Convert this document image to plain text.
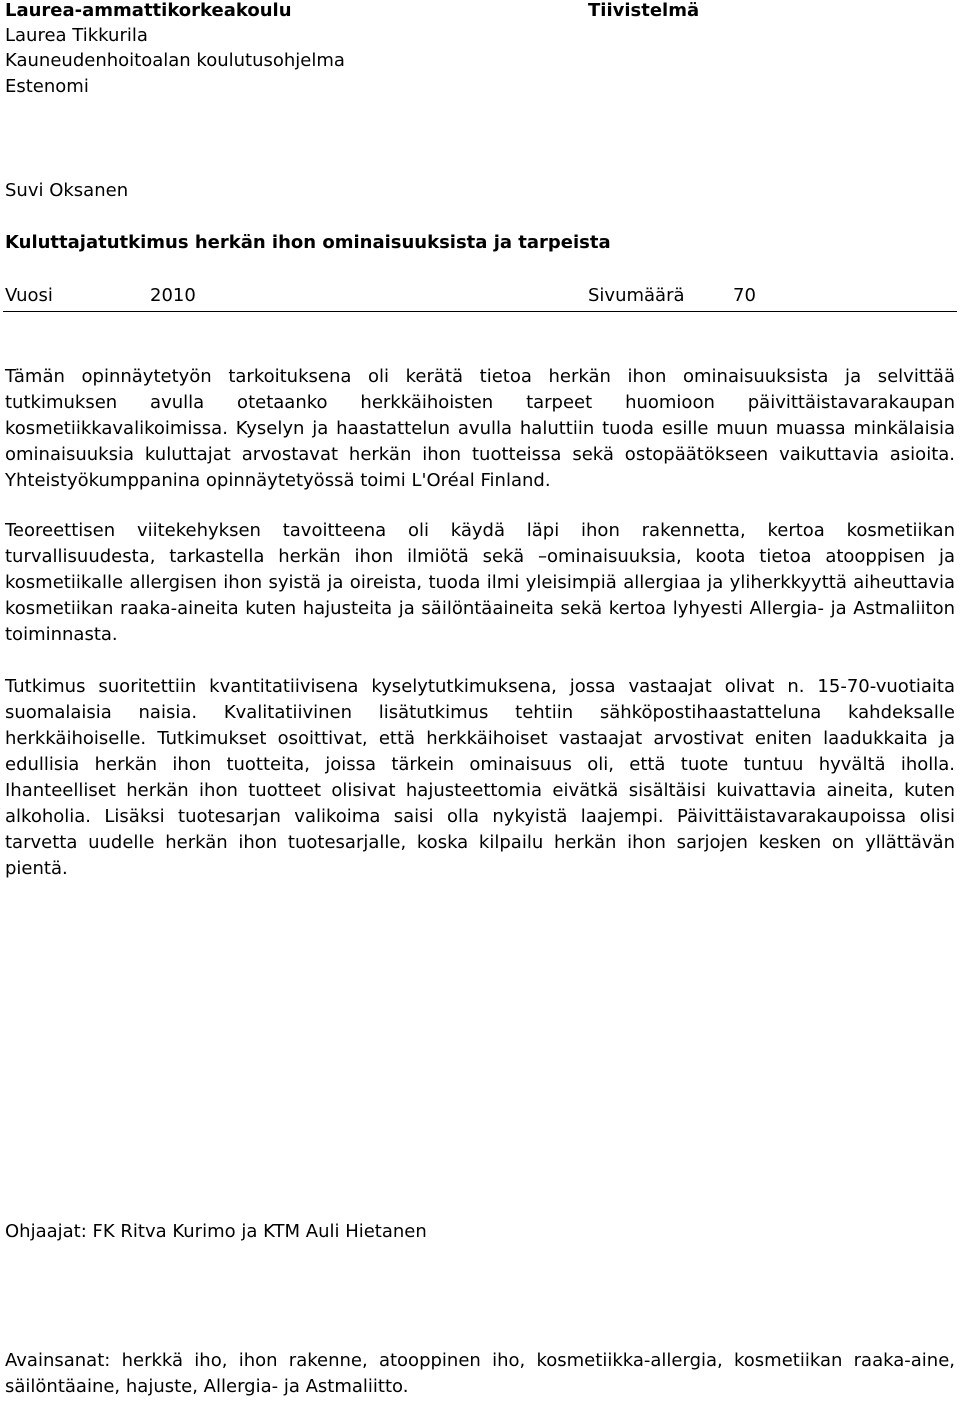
Laurea-ammattikorkeakoulu
Laurea Tikkurila
Kauneudenhoitoalan koulutusohjelma
Estenomi
Tiivistelmä
Suvi Oksanen
Kuluttajatutkimus herkän ihon ominaisuuksista ja tarpeista
Vuosi	2010	Sivumäärä	70
Tämän opinnäytetyön tarkoituksena oli kerätä tietoa herkän ihon ominaisuuksista ja selvittää tutkimuksen avulla otetaanko herkkäihoisten tarpeet huomioon päivittäistavarakaupan kosmetiikkavalikoimissa. Kyselyn ja haastattelun avulla haluttiin tuoda esille muun muassa minkälaisia ominaisuuksia kuluttajat arvostavat herkän ihon tuotteissa sekä ostopäätökseen vaikuttavia asioita. Yhteistyökumppanina opinnäytetyössä toimi L'Oréal Finland.
Teoreettisen viitekehyksen tavoitteena oli käydä läpi ihon rakennetta, kertoa kosmetiikan turvallisuudesta, tarkastella herkän ihon ilmiötä sekä –ominaisuuksia, koota tietoa atooppisen ja kosmetiikalle allergisen ihon syistä ja oireista, tuoda ilmi yleisimpiä allergiaa ja yliherkkyyttä aiheuttavia kosmetiikan raaka-aineita kuten hajusteita ja säilöntäaineita sekä kertoa lyhyesti Allergia- ja Astmaliiton toiminnasta.
Tutkimus suoritettiin kvantitatiivisena kyselytutkimuksena, jossa vastaajat olivat n. 15-70-vuotiaita suomalaisia naisia. Kvalitatiivinen lisätutkimus tehtiin sähköpostihaastatteluna kahdeksalle herkkäihoiselle. Tutkimukset osoittivat, että herkkäihoiset vastaajat arvostivat eniten laadukkaita ja edullisia herkän ihon tuotteita, joissa tärkein ominaisuus oli, että tuote tuntuu hyvältä iholla. Ihanteelliset herkän ihon tuotteet olisivat hajusteettomia eivätkä sisältäisi kuivattavia aineita, kuten alkoholia. Lisäksi tuotesarjan valikoima saisi olla nykyistä laajempi. Päivittäistavarakaupoissa olisi tarvetta uudelle herkän ihon tuotesarjalle, koska kilpailu herkän ihon sarjojen kesken on yllättävän pientä.
Ohjaajat: FK Ritva Kurimo ja KTM Auli Hietanen
Avainsanat: herkkä iho, ihon rakenne, atooppinen iho, kosmetiikka-allergia, kosmetiikan raaka-aine, säilöntäaine, hajuste, Allergia- ja Astmaliitto.
